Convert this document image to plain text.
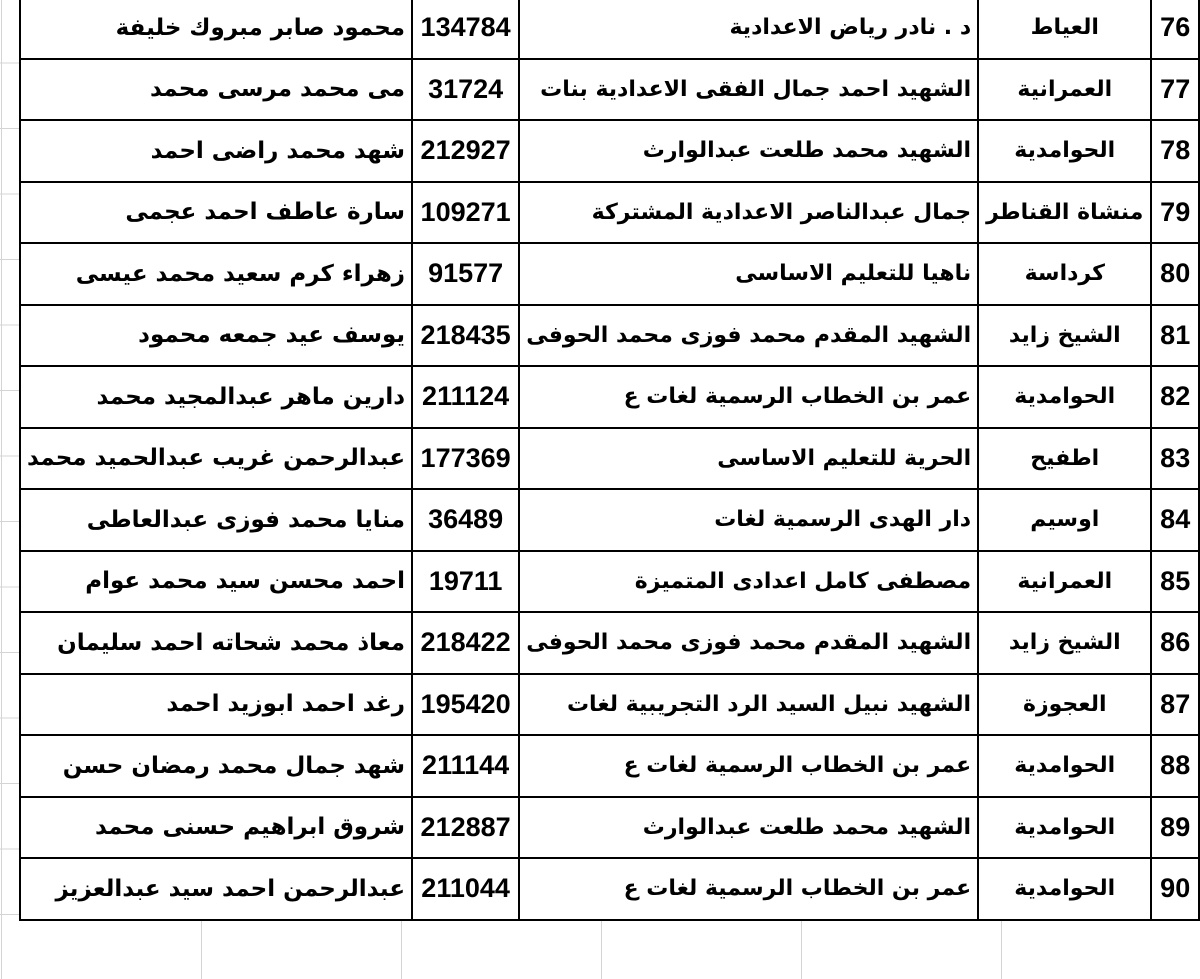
محمود صابر مبروك خليفة	134784	د . نادر رياض الاعدادية	العياط	76
مى محمد مرسى محمد	31724	الشهيد احمد جمال الفقى الاعدادية بنات	العمرانية	77
شهد محمد راضى احمد	212927	الشهيد محمد طلعت عبدالوارث	الحوامدية	78
سارة عاطف احمد عجمى	109271	جمال عبدالناصر الاعدادية المشتركة	منشاة القناطر	79
زهراء كرم سعيد محمد عيسى	91577	ناهيا للتعليم الاساسى	كرداسة	80
يوسف عيد جمعه محمود	218435	الشهيد المقدم محمد فوزى محمد الحوفى	الشيخ زايد	81
دارين ماهر عبدالمجيد محمد	211124	عمر بن الخطاب الرسمية لغات ع	الحوامدية	82
عبدالرحمن غريب عبدالحميد محمد	177369	الحرية للتعليم الاساسى	اطفيح	83
منايا محمد فوزى عبدالعاطى	36489	دار الهدى الرسمية لغات	اوسيم	84
احمد محسن سيد محمد عوام	19711	مصطفى كامل اعدادى المتميزة	العمرانية	85
معاذ محمد شحاته احمد سليمان	218422	الشهيد المقدم محمد فوزى محمد الحوفى	الشيخ زايد	86
رغد احمد ابوزيد احمد	195420	الشهيد نبيل السيد الرد التجريبية لغات	العجوزة	87
شهد جمال محمد رمضان حسن	211144	عمر بن الخطاب الرسمية لغات ع	الحوامدية	88
شروق ابراهيم حسنى محمد	212887	الشهيد محمد طلعت عبدالوارث	الحوامدية	89
عبدالرحمن احمد سيد عبدالعزيز	211044	عمر بن الخطاب الرسمية لغات ع	الحوامدية	90
